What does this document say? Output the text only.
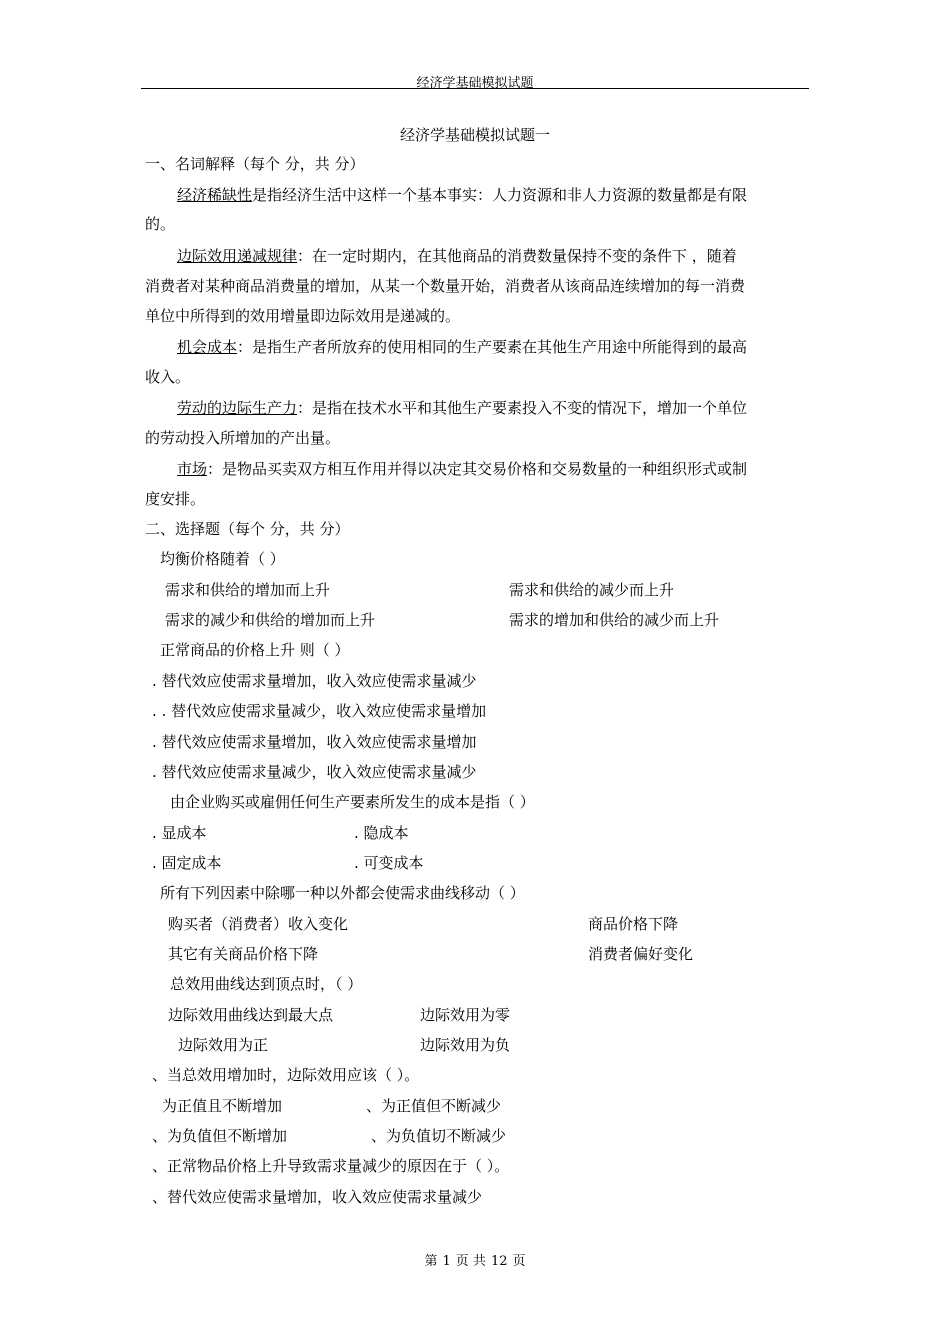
经济学基础模拟试题
经济学基础模拟试题一
一、名词解释（每个 分，共 分）
经济稀缺性是指经济生活中这样一个基本事实：人力资源和非人力资源的数量都是有限
的。
边际效用递减规律：在一定时期内，在其他商品的消费数量保持不变的条件下 ，随着
消费者对某种商品消费量的增加，从某一个数量开始，消费者从该商品连续增加的每一消费
单位中所得到的效用增量即边际效用是递减的。
机会成本：是指生产者所放弃的使用相同的生产要素在其他生产用途中所能得到的最高
收入。
劳动的边际生产力：是指在技术水平和其他生产要素投入不变的情况下，增加一个单位
的劳动投入所增加的产出量。
市场：是物品买卖双方相互作用并得以决定其交易价格和交易数量的一种组织形式或制
度安排。
二、选择题（每个 分，共 分）
均衡价格随着（ ）
需求和供给的增加而上升	需求和供给的减少而上升
需求的减少和供给的增加而上升	需求的增加和供给的减少而上升
正常商品的价格上升 则（ ）
. 替代效应使需求量增加，收入效应使需求量减少
. . 替代效应使需求量减少，收入效应使需求量增加
. 替代效应使需求量增加，收入效应使需求量增加
. 替代效应使需求量减少，收入效应使需求量减少
由企业购买或雇佣任何生产要素所发生的成本是指（ ）
. 显成本	. 隐成本
. 固定成本	. 可变成本
所有下列因素中除哪一种以外都会使需求曲线移动（ ）
购买者（消费者）收入变化	商品价格下降
其它有关商品价格下降	消费者偏好变化
总效用曲线达到顶点时，（ ）
边际效用曲线达到最大点	边际效用为零
边际效用为正	边际效用为负
、当总效用增加时，边际效用应该（ ）。
为正值且不断增加	、为正值但不断减少
、为负值但不断增加	、为负值切不断减少
、正常物品价格上升导致需求量减少的原因在于（ ）。
、替代效应使需求量增加，收入效应使需求量减少
第 1 页 共 12 页
